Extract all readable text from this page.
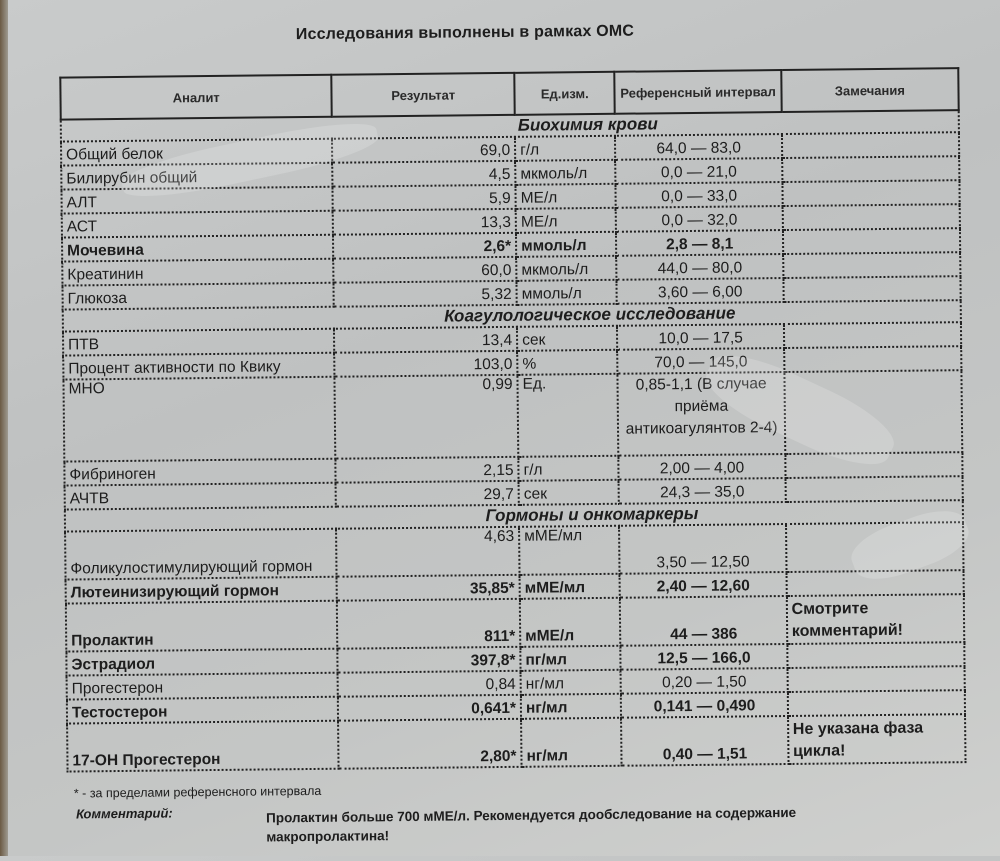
Исследования выполнены в рамках ОМС
Аналит	Результат	Ед.изм.	Референсный интервал	Замечания
Биохимия крови				
Общий белок	69,0	г/л	64,0 — 83,0	
Билирубин общий	4,5	мкмоль/л	0,0 — 21,0	
АЛТ	5,9	МЕ/л	0,0 — 33,0	
АСТ	13,3	МЕ/л	0,0 — 32,0	
Мочевина	2,6*	ммоль/л	2,8 — 8,1	
Креатинин	60,0	мкмоль/л	44,0 — 80,0	
Глюкоза	5,32	ммоль/л	3,60 — 6,00	
Коагулологическое исследование				
ПТВ	13,4	сек	10,0 — 17,5	
Процент активности по Квику	103,0	%	70,0 — 145,0	
МНО	0,99	Ед.	0,85-1,1 (В случае приёма антикоагулянтов 2-4)	
Фибриноген	2,15	г/л	2,00 — 4,00	
АЧТВ	29,7	сек	24,3 — 35,0	
Гормоны и онкомаркеры				
Фоликулостимулирующий гормон	4,63	мМЕ/мл	3,50 — 12,50	
Лютеинизирующий гормон	35,85*	мМЕ/мл	2,40 — 12,60	
Пролактин	811*	мМЕ/л	44 — 386	Смотрите комментарий!
Эстрадиол	397,8*	пг/мл	12,5 — 166,0	
Прогестерон	0,84	нг/мл	0,20 — 1,50	
Тестостерон	0,641*	нг/мл	0,141 — 0,490	
17-ОН Прогестерон	2,80*	нг/мл	0,40 — 1,51	Не указана фаза цикла!
* - за пределами референсного интервала
Комментарий:	Пролактин больше 700 мМЕ/л. Рекомендуется дообследование на содержание макропролактина!
